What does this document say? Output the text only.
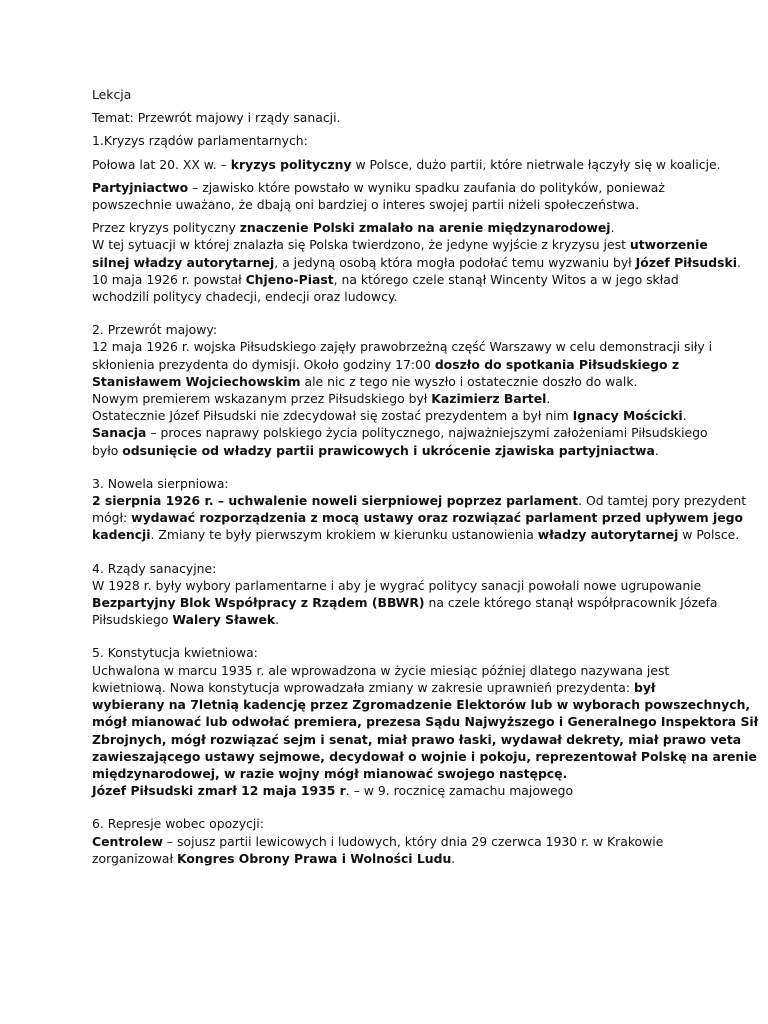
Lekcja
Temat: Przewrót majowy i rządy sanacji.
1.Kryzys rządów parlamentarnych:
Połowa lat 20. XX w. – kryzys polityczny w Polsce, dużo partii, które nietrwale łączyły się w koalicje.
Partyjniactwo – zjawisko które powstało w wyniku spadku zaufania do polityków, ponieważ
powszechnie uważano, że dbają oni bardziej o interes swojej partii niżeli społeczeństwa.
Przez kryzys polityczny znaczenie Polski zmalało na arenie międzynarodowej.
W tej sytuacji w której znalazła się Polska twierdzono, że jedyne wyjście z kryzysu jest utworzenie
silnej władzy autorytarnej, a jedyną osobą która mogła podołać temu wyzwaniu był Józef Piłsudski.
10 maja 1926 r. powstał Chjeno-Piast, na którego czele stanął Wincenty Witos a w jego skład
wchodzili politycy chadecji, endecji oraz ludowcy.
2. Przewrót majowy:
12 maja 1926 r. wojska Piłsudskiego zajęły prawobrzeżną część Warszawy w celu demonstracji siły i
skłonienia prezydenta do dymisji. Około godziny 17:00 doszło do spotkania Piłsudskiego z
Stanisławem Wojciechowskim ale nic z tego nie wyszło i ostatecznie doszło do walk.
Nowym premierem wskazanym przez Piłsudskiego był Kazimierz Bartel.
Ostatecznie Józef Piłsudski nie zdecydował się zostać prezydentem a był nim Ignacy Mościcki.
Sanacja – proces naprawy polskiego życia politycznego, najważniejszymi założeniami Piłsudskiego
było odsunięcie od władzy partii prawicowych i ukrócenie zjawiska partyjniactwa.
3. Nowela sierpniowa:
2 sierpnia 1926 r. – uchwalenie noweli sierpniowej poprzez parlament. Od tamtej pory prezydent
mógł: wydawać rozporządzenia z mocą ustawy oraz rozwiązać parlament przed upływem jego
kadencji. Zmiany te były pierwszym krokiem w kierunku ustanowienia władzy autorytarnej w Polsce.
4. Rządy sanacyjne:
W 1928 r. były wybory parlamentarne i aby je wygrać politycy sanacji powołali nowe ugrupowanie
Bezpartyjny Blok Współpracy z Rządem (BBWR) na czele którego stanął współpracownik Józefa
Piłsudskiego Walery Sławek.
5. Konstytucja kwietniowa:
Uchwalona w marcu 1935 r. ale wprowadzona w życie miesiąc później dlatego nazywana jest
kwietniową. Nowa konstytucja wprowadzała zmiany w zakresie uprawnień prezydenta: był
wybierany na 7letnią kadencję przez Zgromadzenie Elektorów lub w wyborach powszechnych,
mógł mianować lub odwołać premiera, prezesa Sądu Najwyższego i Generalnego Inspektora Sił
Zbrojnych, mógł rozwiązać sejm i senat, miał prawo łaski, wydawał dekrety, miał prawo veta
zawieszającego ustawy sejmowe, decydował o wojnie i pokoju, reprezentował Polskę na arenie
międzynarodowej, w razie wojny mógł mianować swojego następcę.
Józef Piłsudski zmarł 12 maja 1935 r. – w 9. rocznicę zamachu majowego
6. Represje wobec opozycji:
Centrolew – sojusz partii lewicowych i ludowych, który dnia 29 czerwca 1930 r. w Krakowie
zorganizował Kongres Obrony Prawa i Wolności Ludu.
